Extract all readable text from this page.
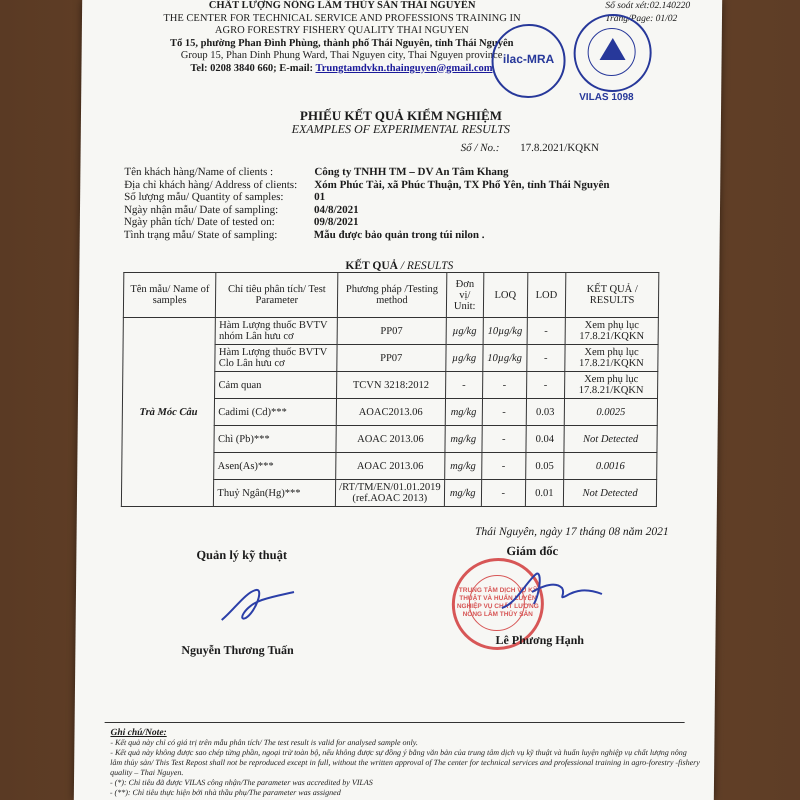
CHẤT LƯỢNG NÔNG LÂM THỦY SẢN THÁI NGUYÊN
THE CENTER FOR TECHNICAL SERVICE AND PROFESSIONS TRAINING IN
AGRO FORESTRY FISHERY QUALITY THAI NGUYEN
Tổ 15, phường Phan Đình Phùng, thành phố Thái Nguyên, tỉnh Thái Nguyên
Group 15, Phan Dinh Phung Ward, Thai Nguyen city, Thai Nguyen province
Tel: 0208 3840 660; E-mail: Trungtamdvkn.thainguyen@gmail.com
Số soát xét:02.140220
Trang/Page: 01/02
ilac-MRA
VILAS 1098
PHIẾU KẾT QUẢ KIỂM NGHIỆM
EXAMPLES OF EXPERIMENTAL RESULTS
Số / No.: 17.8.2021/KQKN
Tên khách hàng/Name of clients :	Công ty TNHH TM – DV An Tâm Khang
Địa chỉ khách hàng/ Address of clients:	Xóm Phúc Tài, xã Phúc Thuận, TX Phổ Yên, tỉnh Thái Nguyên
Số lượng mẫu/ Quantity of samples:	01
Ngày nhận mẫu/ Date of sampling:	04/8/2021
Ngày phân tích/ Date of tested on:	09/8/2021
Tình trạng mẫu/ State of sampling:	Mẫu được bảo quản trong túi nilon .
KẾT QUẢ / RESULTS
Tên mẫu/ Name of samples	Chỉ tiêu phân tích/ Test Parameter	Phương pháp /Testing method	Đơn vị/ Unit:	LOQ	LOD	KẾT QUẢ / RESULTS
Trà Móc Câu	Hàm Lượng thuốc BVTV nhóm Lân hưu cơ	PP07	µg/kg	10µg/kg	-	Xem phụ lục 17.8.21/KQKN
	Hàm Lượng thuốc BVTV Clo Lân hưu cơ	PP07	µg/kg	10µg/kg	-	Xem phụ lục 17.8.21/KQKN
	Cảm quan	TCVN 3218:2012	-	-	-	Xem phụ lục 17.8.21/KQKN
	Cadimi (Cd)***	AOAC2013.06	mg/kg	-	0.03	0.0025
	Chì (Pb)***	AOAC 2013.06	mg/kg	-	0.04	Not Detected
	Asen(As)***	AOAC 2013.06	mg/kg	-	0.05	0.0016
	Thuỷ Ngân(Hg)***	/RT/TM/EN/01.01.2019 (ref.AOAC 2013)	mg/kg	-	0.01	Not Detected
Thái Nguyên, ngày 17 tháng 08 năm 2021
Quản lý kỹ thuật	Giám đốc
TRUNG TÂM DỊCH VỤ KỸ THUẬT VÀ HUẤN LUYỆN NGHIỆP VỤ CHẤT LƯỢNG NÔNG LÂM THỦY SẢN
Nguyễn Thương Tuấn
Lê Phương Hạnh
Ghi chú/Note:
- Kết quả này chỉ có giá trị trên mẫu phân tích/ The test result is valid for analysed sample only.
- Kết quả này không được sao chép từng phần, ngoại trừ toàn bộ, nếu không được sự đồng ý bằng văn bản của trung tâm dịch vụ kỹ thuật và huấn luyện nghiệp vụ chất lượng nông lâm thủy sản/ This Test Repost shall not be reproduced except in full, without the written approval of The center for technical services and professional training in agro-forestry -fishery quality – Thai Nguyen.
- (*): Chỉ tiêu đã được VILAS công nhận/The parameter was accredited by VILAS
- (**): Chỉ tiêu thực hiện bởi nhà thầu phụ/The parameter was assigned
